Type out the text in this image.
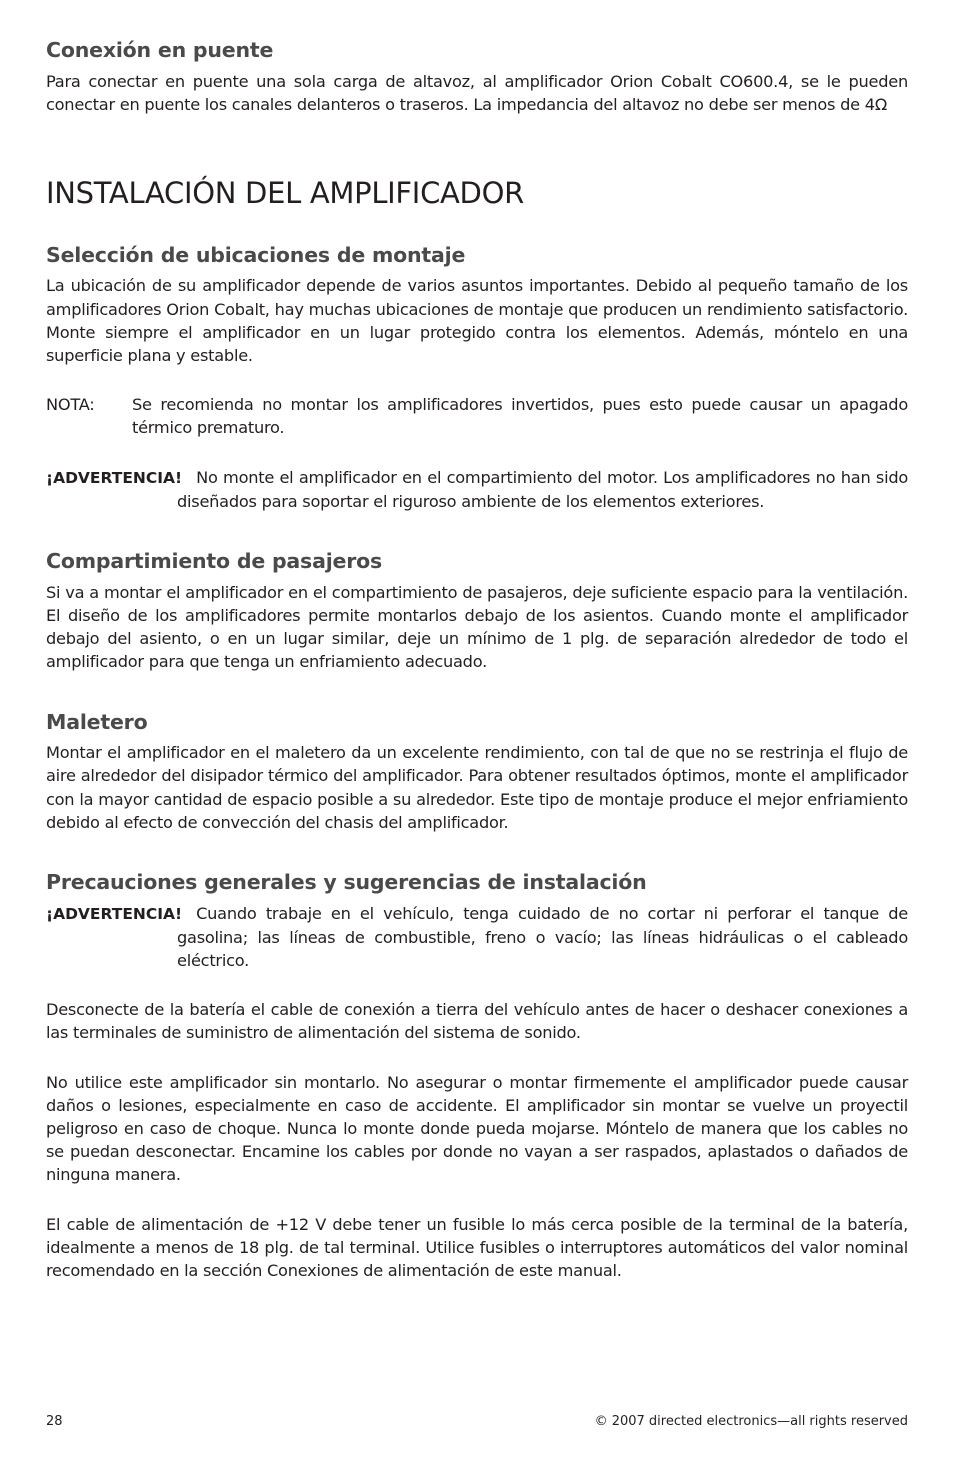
Conexión en puente

Para conectar en puente una sola carga de altavoz, al amplificador Orion Cobalt CO600.4, se le pueden conectar en puente los canales delanteros o traseros. La impedancia del altavoz no debe ser menos de 4Ω

INSTALACIÓN DEL AMPLIFICADOR
Selección de ubicaciones de montaje

La ubicación de su amplificador depende de varios asuntos importantes. Debido al pequeño tamaño de los amplificadores Orion Cobalt, hay muchas ubicaciones de montaje que producen un rendimiento satisfactorio. Monte siempre el amplificador en un lugar protegido contra los elementos. Además, móntelo en una superficie plana y estable.

NOTA:	Se recomienda no montar los amplificadores invertidos, pues esto puede causar un apagado térmico prematuro.
¡ADVERTENCIA! No monte el amplificador en el compartimiento del motor. Los amplificadores no han sido diseñados para soportar el riguroso ambiente de los elementos exteriores.
Compartimiento de pasajeros

Si va a montar el amplificador en el compartimiento de pasajeros, deje suficiente espacio para la ventilación. El diseño de los amplificadores permite montarlos debajo de los asientos. Cuando monte el amplificador debajo del asiento, o en un lugar similar, deje un mínimo de 1 plg. de separación alrededor de todo el amplificador para que tenga un enfriamiento adecuado.

Maletero

Montar el amplificador en el maletero da un excelente rendimiento, con tal de que no se restrinja el flujo de aire alrededor del disipador térmico del amplificador. Para obtener resultados óptimos, monte el amplificador con la mayor cantidad de espacio posible a su alrededor. Este tipo de montaje produce el mejor enfriamiento debido al efecto de convección del chasis del amplificador.

Precauciones generales y sugerencias de instalación
¡ADVERTENCIA! Cuando trabaje en el vehículo, tenga cuidado de no cortar ni perforar el tanque de gasolina; las líneas de combustible, freno o vacío; las líneas hidráulicas o el cableado eléctrico.

Desconecte de la batería el cable de conexión a tierra del vehículo antes de hacer o deshacer conexiones a las terminales de suministro de alimentación del sistema de sonido.

No utilice este amplificador sin montarlo. No asegurar o montar firmemente el amplificador puede causar daños o lesiones, especialmente en caso de accidente. El amplificador sin montar se vuelve un proyectil peligroso en caso de choque. Nunca lo monte donde pueda mojarse. Móntelo de manera que los cables no se puedan desconectar. Encamine los cables por donde no vayan a ser raspados, aplastados o dañados de ninguna manera.

El cable de alimentación de +12 V debe tener un fusible lo más cerca posible de la terminal de la batería, idealmente a menos de 18 plg. de tal terminal. Utilice fusibles o interruptores automáticos del valor nominal recomendado en la sección Conexiones de alimentación de este manual.

28	© 2007 directed electronics—all rights reserved
